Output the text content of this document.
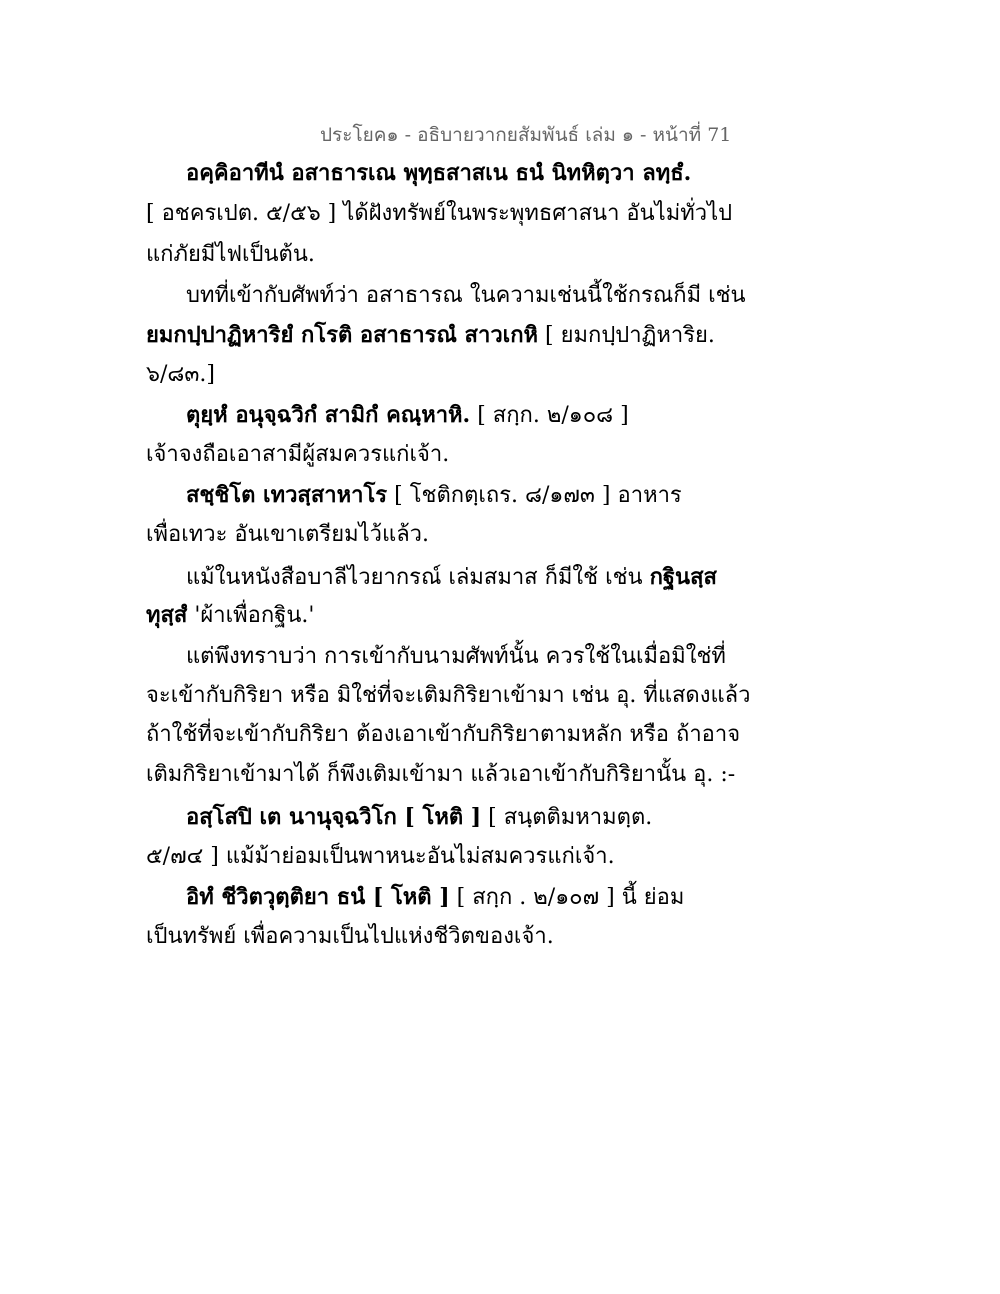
ประโยค๑ - อธิบายวากยสัมพันธ์ เล่ม ๑ - หน้าที่ 71
อคฺคิอาทีนํ อสาธารเณ พุทฺธสาสเน ธนํ นิทหิตฺวา ลทฺธํ.
[ อชครเปต. ๕/๕๖ ] ได้ฝังทรัพย์ในพระพุทธศาสนา อันไม่ทั่วไป
แก่ภัยมีไฟเป็นต้น.
บทที่เข้ากับศัพท์ว่า อสาธารณ ในความเช่นนี้ใช้กรณก็มี เช่น
ยมกปฺปาฏิหาริยํ กโรติ อสาธารณํ สาวเกหิ [ ยมกปฺปาฏิหาริย.
๖/๘๓.]
ตุยฺหํ อนุจฺฉวิกํ สามิกํ คณฺหาหิ. [ สกฺก. ๒/๑๐๘ ]
เจ้าจงถือเอาสามีผู้สมควรแก่เจ้า.
สชฺชิโต เทวสฺสาหาโร [ โชติกตฺเถร. ๘/๑๗๓ ] อาหาร
เพื่อเทวะ อันเขาเตรียมไว้แล้ว.
แม้ในหนังสือบาลีไวยากรณ์ เล่มสมาส ก็มีใช้ เช่น กฐินสฺส
ทุสฺสํ 'ผ้าเพื่อกฐิน.'
แต่พึงทราบว่า การเข้ากับนามศัพท์นั้น ควรใช้ในเมื่อมิใช่ที่
จะเข้ากับกิริยา หรือ มิใช่ที่จะเติมกิริยาเข้ามา เช่น อุ. ที่แสดงแล้ว
ถ้าใช้ที่จะเข้ากับกิริยา ต้องเอาเข้ากับกิริยาตามหลัก หรือ ถ้าอาจ
เติมกิริยาเข้ามาได้ ก็พึงเติมเข้ามา แล้วเอาเข้ากับกิริยานั้น อุ. :-
อสฺโสปิ เต นานุจฺฉวิโก [ โหติ ] [ สนฺตติมหามตฺต.
๕/๗๔ ] แม้ม้าย่อมเป็นพาหนะอันไม่สมควรแก่เจ้า.
อิทํ ชีวิตวุตฺติยา ธนํ [ โหติ ] [ สกฺก . ๒/๑๐๗ ] นี้ ย่อม
เป็นทรัพย์ เพื่อความเป็นไปแห่งชีวิตของเจ้า.
